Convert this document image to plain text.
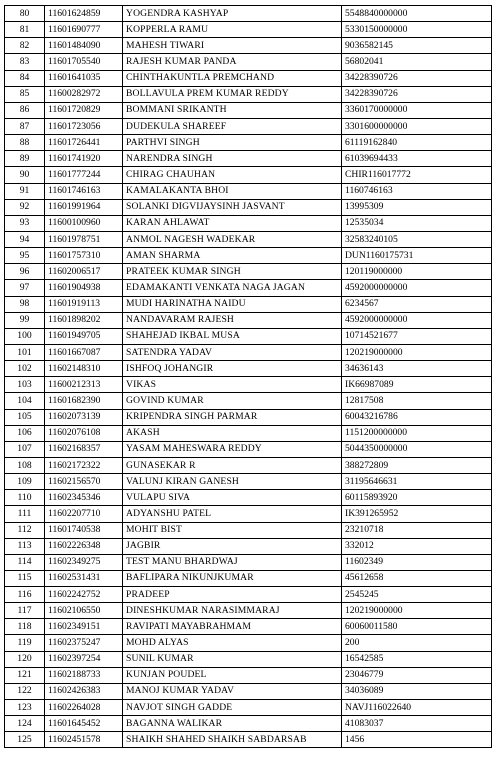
80	11601624859	YOGENDRA KASHYAP	5548840000000
81	11601690777	KOPPERLA RAMU	5330150000000
82	11601484090	MAHESH TIWARI	9036582145
83	11601705540	RAJESH KUMAR PANDA	56802041
84	11601641035	CHINTHAKUNTLA PREMCHAND	34228390726
85	11600282972	BOLLAVULA PREM KUMAR REDDY	34228390726
86	11601720829	BOMMANI SRIKANTH	3360170000000
87	11601723056	DUDEKULA SHAREEF	3301600000000
88	11601726441	PARTHVI SINGH	61119162840
89	11601741920	NARENDRA SINGH	61039694433
90	11601777244	CHIRAG CHAUHAN	CHIR116017772
91	11601746163	KAMALAKANTA BHOI	1160746163
92	11601991964	SOLANKI DIGVIJAYSINH JASVANT	13995309
93	11600100960	KARAN AHLAWAT	12535034
94	11601978751	ANMOL NAGESH WADEKAR	32583240105
95	11601757310	AMAN SHARMA	DUN1160175731
96	11602006517	PRATEEK KUMAR SINGH	120119000000
97	11601904938	EDAMAKANTI VENKATA NAGA JAGAN	4592000000000
98	11601919113	MUDI HARINATHA NAIDU	6234567
99	11601898202	NANDAVARAM RAJESH	4592000000000
100	11601949705	SHAHEJAD IKBAL MUSA	10714521677
101	11601667087	SATENDRA YADAV	120219000000
102	11602148310	ISHFOQ JOHANGIR	34636143
103	11600212313	VIKAS	IK66987089
104	11601682390	GOVIND KUMAR	12817508
105	11602073139	KRIPENDRA SINGH PARMAR	60043216786
106	11602076108	AKASH	1151200000000
107	11602168357	YASAM MAHESWARA REDDY	5044350000000
108	11602172322	GUNASEKAR R	388272809
109	11602156570	VALUNJ KIRAN GANESH	31195646631
110	11602345346	VULAPU SIVA	60115893920
111	11602207710	ADYANSHU PATEL	IK391265952
112	11601740538	MOHIT BIST	23210718
113	11602226348	JAGBIR	332012
114	11602349275	TEST MANU BHARDWAJ	11602349
115	11602531431	BAFLIPARA NIKUNJKUMAR	45612658
116	11602242752	PRADEEP	2545245
117	11602106550	DINESHKUMAR NARASIMMARAJ	120219000000
118	11602349151	RAVIPATI MAYABRAHMAM	60060011580
119	11602375247	MOHD ALYAS	200
120	11602397254	SUNIL KUMAR	16542585
121	11602188733	KUNJAN POUDEL	23046779
122	11602426383	MANOJ KUMAR YADAV	34036089
123	11602264028	NAVJOT SINGH GADDE	NAVJ116022640
124	11601645452	BAGANNA WALIKAR	41083037
125	11602451578	SHAIKH SHAHED SHAIKH SABDARSAB	1456
